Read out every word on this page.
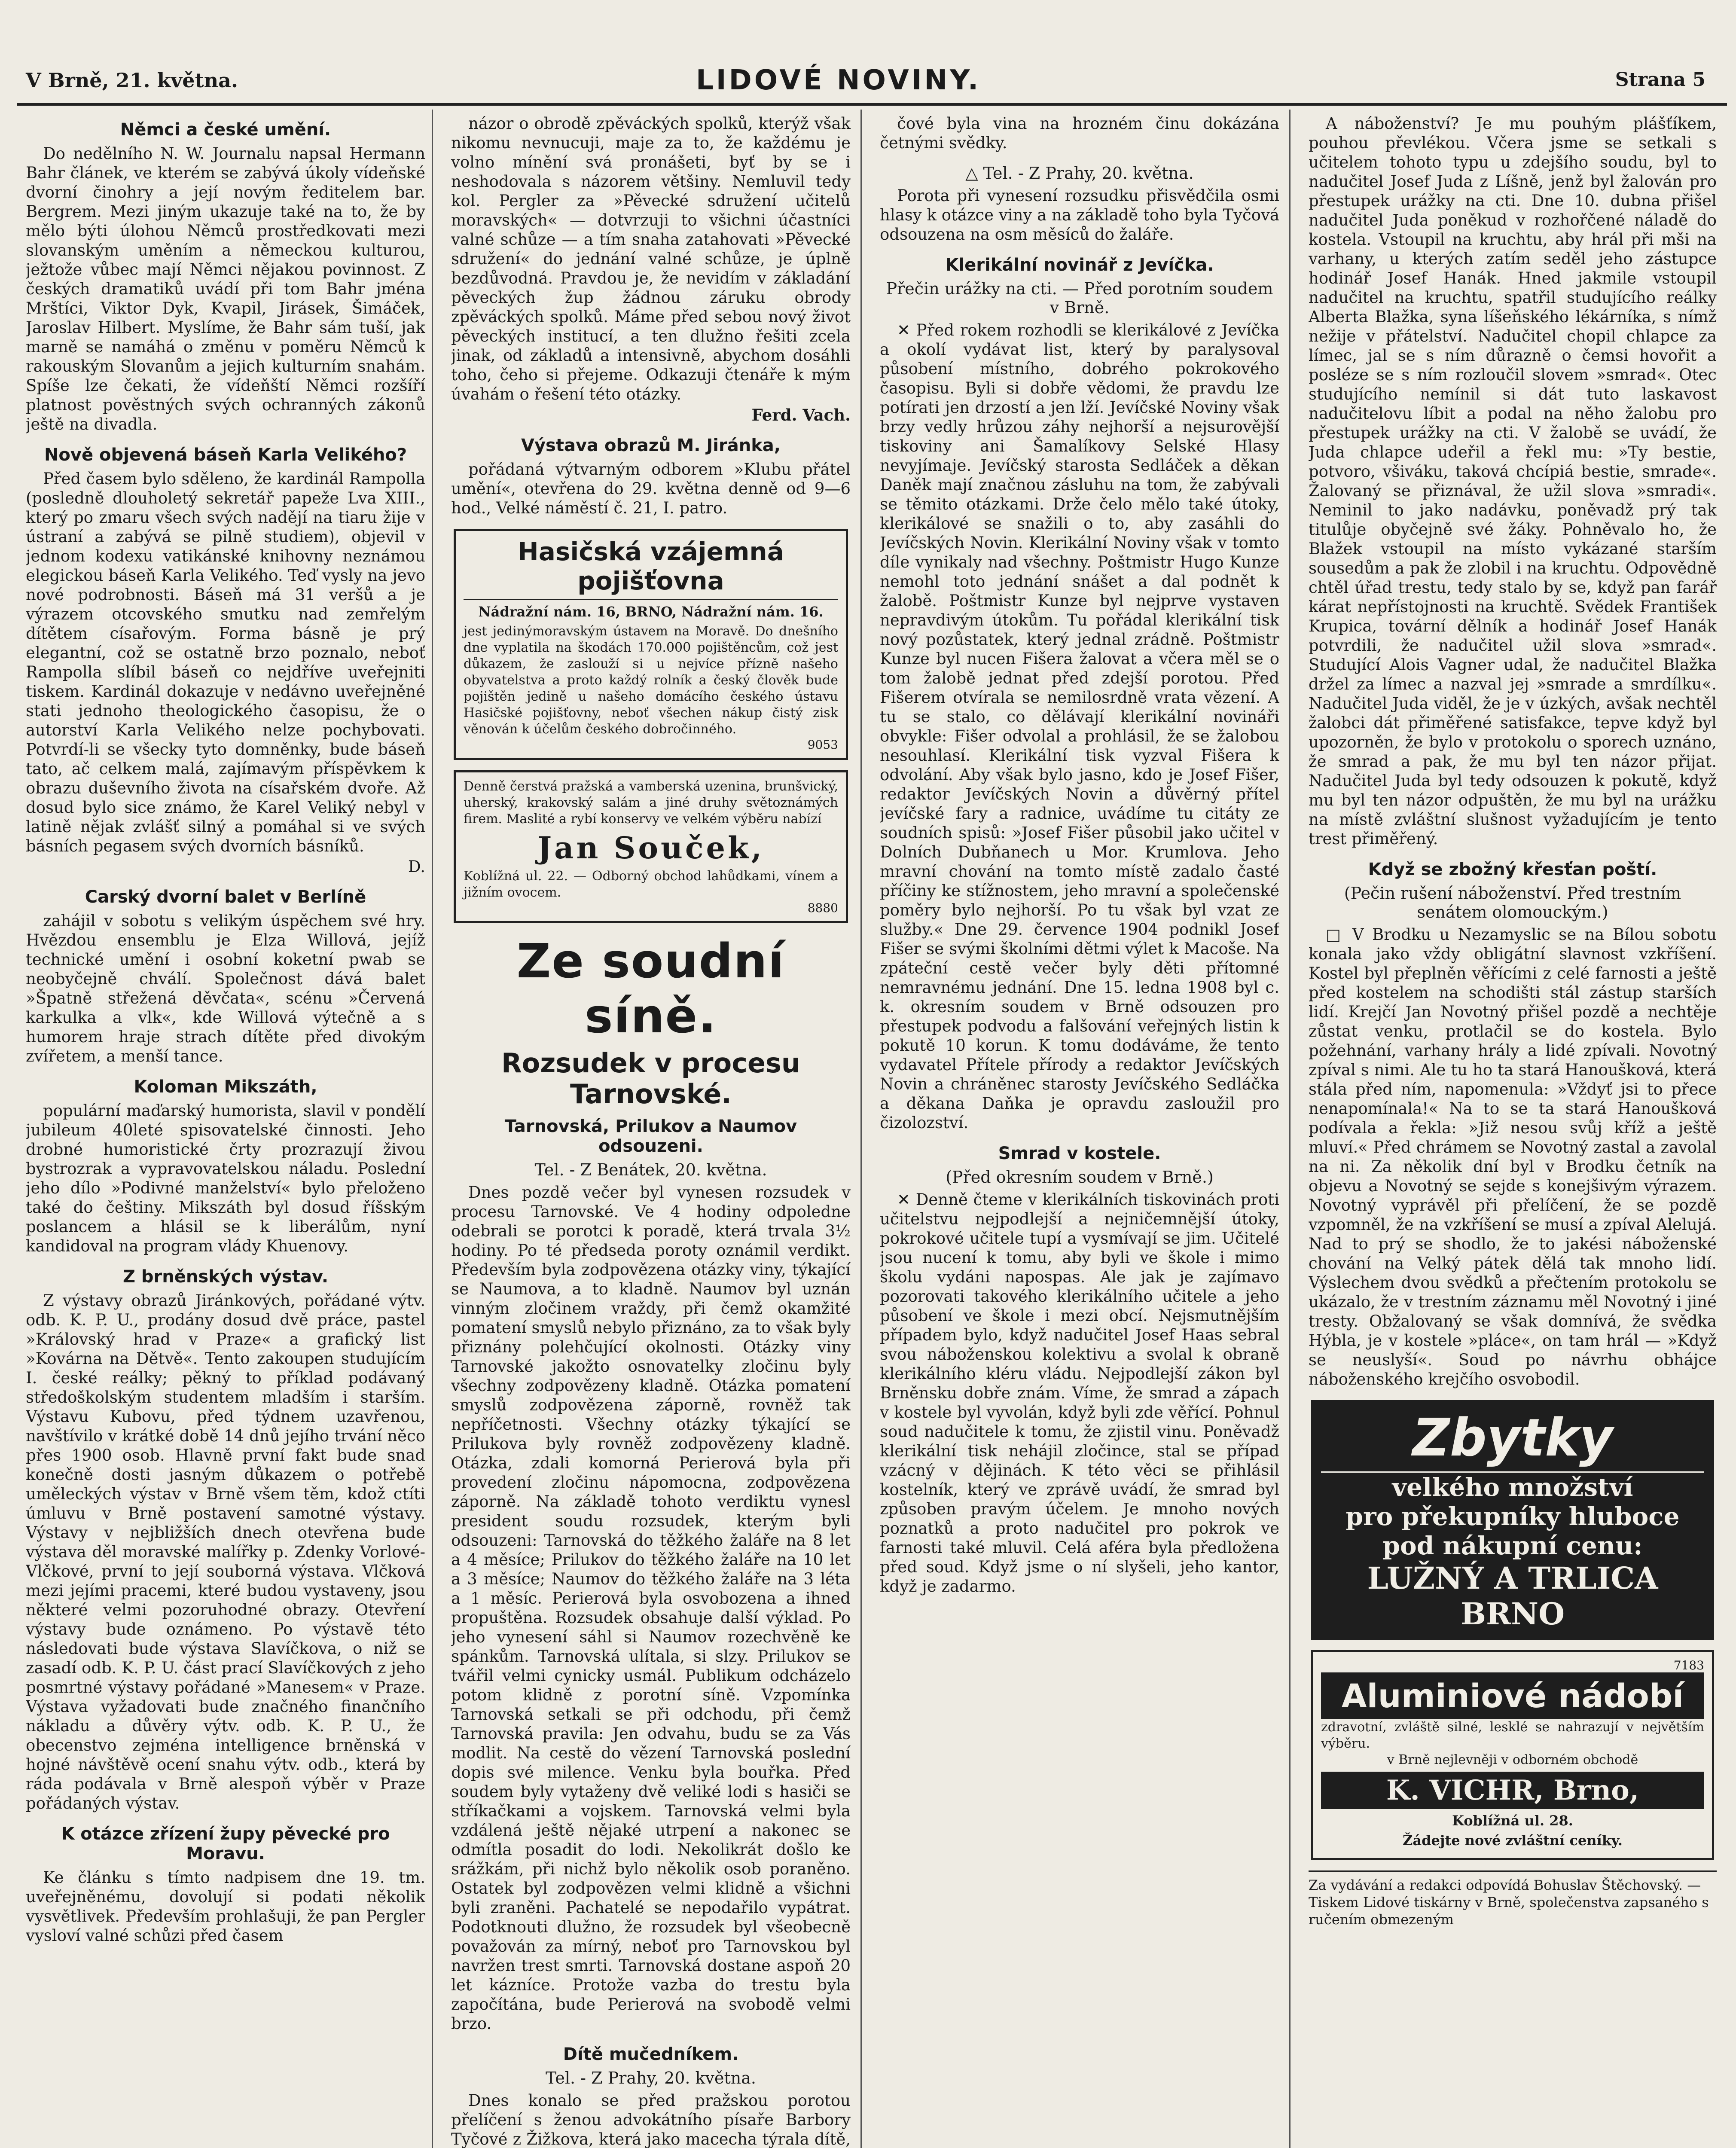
V Brně, 21. května.	LIDOVÉ NOVINY.	Strana 5
Němci a české umění.

Do nedělního N. W. Journalu napsal Hermann Bahr článek, ve kterém se zabývá úkoly vídeňské dvorní činohry a její novým ředitelem bar. Bergrem. Mezi jiným ukazuje také na to, že by mělo býti úlohou Němců prostředkovati mezi slovanským uměním a německou kulturou, ježtože vůbec mají Němci nějakou povinnost. Z českých dramatiků uvádí při tom Bahr jména Mrštíci, Viktor Dyk, Kvapil, Jirásek, Šimáček, Jaroslav Hilbert. Myslíme, že Bahr sám tuší, jak marně se namáhá o změnu v poměru Němců k rakouským Slovanům a jejich kulturním snahám. Spíše lze čekati, že vídeňští Němci rozšíří platnost pověstných svých ochranných zákonů ještě na divadla.

Nově objevená báseň Karla Velikého?

Před časem bylo sděleno, že kardinál Rampolla (posledně dlouholetý sekretář papeže Lva XIII., který po zmaru všech svých nadějí na tiaru žije v ústraní a zabývá se pilně studiem), objevil v jednom kodexu vatikánské knihovny neznámou elegickou báseň Karla Velikého. Teď vysly na jevo nové podrobnosti. Báseň má 31 veršů a je výrazem otcovského smutku nad zemřelým dítětem císařovým. Forma básně je prý elegantní, což se ostatně brzo poznalo, neboť Rampolla slíbil báseň co nejdříve uveřejniti tiskem. Kardinál dokazuje v nedávno uveřejněné stati jednoho theologického časopisu, že o autorství Karla Velikého nelze pochybovati. Potvrdí-li se všecky tyto domněnky, bude báseň tato, ač celkem malá, zajímavým příspěvkem k obrazu duševního života na císařském dvoře. Až dosud bylo sice známo, že Karel Veliký nebyl v latině nějak zvlášť silný a pomáhal si ve svých básních pegasem svých dvorních básníků.

D.
Carský dvorní balet v Berlíně

zahájil v sobotu s velikým úspěchem své hry. Hvězdou ensemblu je Elza Willová, jejíž technické umění i osobní koketní pwab se neobyčejně chválí. Společnost dává balet »Špatně střežená děvčata«, scénu »Červená karkulka a vlk«, kde Willová výtečně a s humorem hraje strach dítěte před divokým zvířetem, a menší tance.

Koloman Mikszáth,

populární maďarský humorista, slavil v pondělí jubileum 40leté spisovatelské činnosti. Jeho drobné humoristické črty prozrazují živou bystrozrak a vypravovatelskou náladu. Poslední jeho dílo »Podivné manželství« bylo přeloženo také do češtiny. Mikszáth byl dosud říšským poslancem a hlásil se k liberálům, nyní kandidoval na program vlády Khuenovy.

Z brněnských výstav.

Z výstavy obrazů Jiránkových, pořádané výtv. odb. K. P. U., prodány dosud dvě práce, pastel »Královský hrad v Praze« a grafický list »Kovárna na Dětvě«. Tento zakoupen studujícím I. české reálky; pěkný to příklad podávaný středoškolským studentem mladším i starším. Výstavu Kubovu, před týdnem uzavřenou, navštívilo v krátké době 14 dnů jejího trvání něco přes 1900 osob. Hlavně první fakt bude snad konečně dosti jasným důkazem o potřebě uměleckých výstav v Brně všem těm, kdož ctíti úmluvu v Brně postavení samotné výstavy. Výstavy v nejbližších dnech otevřena bude výstava děl moravské malířky p. Zdenky Vorlové-Vlčkové, první to její souborná výstava. Vlčková mezi jejími pracemi, které budou vystaveny, jsou některé velmi pozoruhodné obrazy. Otevření výstavy bude oznámeno. Po výstavě této následovati bude výstava Slavíčkova, o niž se zasadí odb. K. P. U. část prací Slavíčkových z jeho posmrtné výstavy pořádané »Manesem« v Praze. Výstava vyžadovati bude značného finančního nákladu a důvěry výtv. odb. K. P. U., že obecenstvo zejména intelligence brněnská v hojné návštěvě ocení snahu výtv. odb., která by ráda podávala v Brně alespoň výběr v Praze pořádaných výstav.

K otázce zřízení župy pěvecké pro Moravu.

Ke článku s tímto nadpisem dne 19. tm. uveřejněnému, dovolují si podati několik vysvětlivek. Především prohlašuji, že pan Pergler vysloví valné schůzi před časem

názor o obrodě zpěváckých spolků, kterýž však nikomu nevnucuji, maje za to, že každému je volno mínění svá pronášeti, byť by se i neshodovala s názorem většiny. Nemluvil tedy kol. Pergler za »Pěvecké sdružení učitelů moravských« — dotvrzuji to všichni účastníci valné schůze — a tím snaha zatahovati »Pěvecké sdružení« do jednání valné schůze, je úplně bezdůvodná. Pravdou je, že nevidím v základání pěveckých žup žádnou záruku obrody zpěváckých spolků. Máme před sebou nový život pěveckých institucí, a ten dlužno řešiti zcela jinak, od základů a intensivně, abychom dosáhli toho, čeho si přejeme. Odkazuji čtenáře k mým úvahám o řešení této otázky.

Ferd. Vach.
Výstava obrazů M. Jiránka,

pořádaná výtvarným odborem »Klubu přátel umění«, otevřena do 29. května denně od 9—6 hod., Velké náměstí č. 21, I. patro.

Hasičská vzájemná pojišťovna
Nádražní nám. 16, BRNO, Nádražní nám. 16.
jest jedinýmoravským ústavem na Moravě. Do dnešního dne vyplatila na škodách 170.000 pojištěncům, což jest důkazem, že zaslouží si u nejvíce přízně našeho obyvatelstva a proto každý rolník a český člověk bude pojištěn jedině u našeho domácího českého ústavu Hasičské pojišťovny, neboť všechen nákup čistý zisk věnován k účelům českého dobročinného.
9053
Denně čerstvá pražská a vamberská uzenina, brunšvický, uherský, krakovský salám a jiné druhy světoznámých firem. Maslité a rybí konservy ve velkém výběru nabízí
Jan Souček,
Koblížná ul. 22. — Odborný obchod lahůdkami, vínem a jižním ovocem.
8880
Ze soudní síně.
Rozsudek v procesu Tarnovské.
Tarnovská, Prilukov a Naumov odsouzeni.
Tel. - Z Benátek, 20. května.

Dnes pozdě večer byl vynesen rozsudek v procesu Tarnovské. Ve 4 hodiny odpoledne odebrali se porotci k poradě, která trvala 3½ hodiny. Po té předseda poroty oznámil verdikt. Především byla zodpovězena otázky viny, týkající se Naumova, a to kladně. Naumov byl uznán vinným zločinem vraždy, při čemž okamžité pomatení smyslů nebylo přiznáno, za to však byly přiznány polehčující okolnosti. Otázky viny Tarnovské jakožto osnovatelky zločinu byly všechny zodpovězeny kladně. Otázka pomatení smyslů zodpovězena záporně, rovněž tak nepříčetnosti. Všechny otázky týkající se Prilukova byly rovněž zodpovězeny kladně. Otázka, zdali komorná Perierová byla při provedení zločinu nápomocna, zodpovězena záporně. Na základě tohoto verdiktu vynesl president soudu rozsudek, kterým byli odsouzeni: Tarnovská do těžkého žaláře na 8 let a 4 měsíce; Prilukov do těžkého žaláře na 10 let a 3 měsíce; Naumov do těžkého žaláře na 3 léta a 1 měsíc. Perierová byla osvobozena a ihned propuštěna. Rozsudek obsahuje další výklad. Po jeho vynesení sáhl si Naumov rozechvěně ke spánkům. Tarnovská ulítala, si slzy. Prilukov se tvářil velmi cynicky usmál. Publikum odcházelo potom klidně z porotní síně. Vzpomínka Tarnovská setkali se při odchodu, při čemž Tarnovská pravila: Jen odvahu, budu se za Vás modlit. Na cestě do vězení Tarnovská poslední dopis své milence. Venku byla bouřka. Před soudem byly vytaženy dvě veliké lodi s hasiči se stříkačkami a vojskem. Tarnovská velmi byla vzdálená ještě nějaké utrpení a nakonec se odmítla posadit do lodi. Nekolikrát došlo ke srážkám, při nichž bylo několik osob poraněno. Ostatek byl zodpovězen velmi klidně a všichni byli zraněni. Pachatelé se nepodařilo vypátrat. Podotknouti dlužno, že rozsudek byl všeobecně považován za mírný, neboť pro Tarnovskou byl navržen trest smrti. Tarnovská dostane aspoň 20 let kázníce. Protože vazba do trestu byla započítána, bude Perierová na svobodě velmi brzo.

Dítě mučedníkem.
Tel. - Z Prahy, 20. května.

Dnes konalo se před pražskou porotou přelíčení s ženou advokátního písaře Barbory Tyčové z Žižkova, která jako macecha týrala dítě,

čové byla vina na hrozném činu dokázána četnými svědky.

△ Tel. - Z Prahy, 20. května.

Porota při vynesení rozsudku přisvědčila osmi hlasy k otázce viny a na základě toho byla Tyčová odsouzena na osm měsíců do žaláře.

Klerikální novinář z Jevíčka.
Přečin urážky na cti. — Před porotním soudem v Brně.

✕ Před rokem rozhodli se klerikálové z Jevíčka a okolí vydávat list, který by paralysoval působení místního, dobrého pokrokového časopisu. Byli si dobře vědomi, že pravdu lze potírati jen drzostí a jen lží. Jevíčské Noviny však brzy vedly hrůzou záhy nejhorší a nejsurovější tiskoviny ani Šamalíkovy Selské Hlasy nevyjímaje. Jevíčský starosta Sedláček a děkan Daněk mají značnou zásluhu na tom, že zabývali se těmito otázkami. Drže čelo mělo také útoky, klerikálové se snažili o to, aby zasáhli do Jevíčských Novin. Klerikální Noviny však v tomto díle vynikaly nad všechny. Poštmistr Hugo Kunze nemohl toto jednání snášet a dal podnět k žalobě. Poštmistr Kunze byl nejprve vystaven nepravdivým útokům. Tu pořádal klerikální tisk nový pozůstatek, který jednal zrádně. Poštmistr Kunze byl nucen Fišera žalovat a včera měl se o tom žalobě jednat před zdejší porotou. Před Fišerem otvírala se nemilosrdně vrata vězení. A tu se stalo, co dělávají klerikální novináři obvykle: Fišer odvolal a prohlásil, že se žalobou nesouhlasí. Klerikální tisk vyzval Fišera k odvolání. Aby však bylo jasno, kdo je Josef Fišer, redaktor Jevíčských Novin a důvěrný přítel jevíčské fary a radnice, uvádíme tu citáty ze soudních spisů: »Josef Fišer působil jako učitel v Dolních Dubňanech u Mor. Krumlova. Jeho mravní chování na tomto místě zadalo časté příčiny ke stížnostem, jeho mravní a společenské poměry bylo nejhorší. Po tu však byl vzat ze služby.« Dne 29. července 1904 podnikl Josef Fišer se svými školními dětmi výlet k Macoše. Na zpáteční cestě večer byly děti přítomné nemravnému jednání. Dne 15. ledna 1908 byl c. k. okresním soudem v Brně odsouzen pro přestupek podvodu a falšování veřejných listin k pokutě 10 korun. K tomu dodáváme, že tento vydavatel Přítele přírody a redaktor Jevíčských Novin a chráněnec starosty Jevíčského Sedláčka a děkana Daňka je opravdu zasloužil pro čizolozství.

Smrad v kostele.
(Před okresním soudem v Brně.)

✕ Denně čteme v klerikálních tiskovinách proti učitelstvu nejpodlejší a nejničemnější útoky, pokrokové učitele tupí a vysmívají se jim. Učitelé jsou nucení k tomu, aby byli ve škole i mimo školu vydáni napospas. Ale jak je zajímavo pozorovati takového klerikálního učitele a jeho působení ve škole i mezi obcí. Nejsmutnějším případem bylo, když nadučitel Josef Haas sebral svou náboženskou kolektivu a svolal k obraně klerikálního kléru vládu. Nejpodlejší zákon byl Brněnsku dobře znám. Víme, že smrad a zápach v kostele byl vyvolán, když byli zde věřící. Pohnul soud nadučitele k tomu, že zjistil vinu. Poněvadž klerikální tisk nehájil zločince, stal se případ vzácný v dějinách. K této věci se přihlásil kostelník, který ve zprávě uvádí, že smrad byl způsoben pravým účelem. Je mnoho nových poznatků a proto nadučitel pro pokrok ve farnosti také mluvil. Celá aféra byla předložena před soud. Když jsme o ní slyšeli, jeho kantor, když je zadarmo.

A náboženství? Je mu pouhým plášťíkem, pouhou převlékou. Včera jsme se setkali s učitelem tohoto typu u zdejšího soudu, byl to nadučitel Josef Juda z Líšně, jenž byl žalován pro přestupek urážky na cti. Dne 10. dubna přišel nadučitel Juda poněkud v rozhořčené náladě do kostela. Vstoupil na kruchtu, aby hrál při mši na varhany, u kterých zatím seděl jeho zástupce hodinář Josef Hanák. Hned jakmile vstoupil nadučitel na kruchtu, spatřil studujícího reálky Alberta Blažka, syna líšeňského lékárníka, s nímž nežije v přátelství. Nadučitel chopil chlapce za límec, jal se s ním důrazně o čemsi hovořit a posléze se s ním rozloučil slovem »smrad«. Otec studujícího nemínil si dát tuto laskavost nadučitelovu líbit a podal na něho žalobu pro přestupek urážky na cti. V žalobě se uvádí, že Juda chlapce udeřil a řekl mu: »Ty bestie, potvoro, všiváku, taková chcípiá bestie, smrade«. Žalovaný se přiznával, že užil slova »smradi«. Neminil to jako nadávku, poněvadž prý tak titulůje obyčejně své žáky. Pohněvalo ho, že Blažek vstoupil na místo vykázané starším sousedům a pak že zlobil i na kruchtu. Odpovědně chtěl úřad trestu, tedy stalo by se, když pan farář kárat nepřístojnosti na kruchtě. Svědek František Krupica, tovární dělník a hodinář Josef Hanák potvrdili, že nadučitel užil slova »smrad«. Studující Alois Vagner udal, že nadučitel Blažka držel za límec a nazval jej »smrade a smrdílku«. Nadučitel Juda viděl, že je v úzkých, avšak nechtěl žalobci dát přiměřené satisfakce, tepve když byl upozorněn, že bylo v protokolu o sporech uznáno, že smrad a pak, že mu byl ten názor přijat. Nadučitel Juda byl tedy odsouzen k pokutě, když mu byl ten názor odpuštěn, že mu byl na urážku na místě zvláštní slušnost vyžadujícím je tento trest přiměřený.

Když se zbožný křesťan poští.
(Pečin rušení náboženství. Před trestním senátem olomouckým.)

□ V Brodku u Nezamyslic se na Bílou sobotu konala jako vždy obligátní slavnost vzkříšení. Kostel byl přeplněn věřícími z celé farnosti a ještě před kostelem na schodišti stál zástup starších lidí. Krejčí Jan Novotný přišel pozdě a nechtěje zůstat venku, protlačil se do kostela. Bylo požehnání, varhany hrály a lidé zpívali. Novotný zpíval s nimi. Ale tu ho ta stará Hanoušková, která stála před ním, napomenula: »Vždyť jsi to přece nenapomínala!« Na to se ta stará Hanoušková podívala a řekla: »Již nesou svůj kříž a ještě mluví.« Před chrámem se Novotný zastal a zavolal na ni. Za několik dní byl v Brodku četník na objevu a Novotný se sejde s konejšivým výrazem. Novotný vyprávěl při přelíčení, že se pozdě vzpomněl, že na vzkříšení se musí a zpíval Alelujá. Nad to prý se shodlo, že to jakési náboženské chování na Velký pátek dělá tak mnoho lidí. Výslechem dvou svědků a přečtením protokolu se ukázalo, že v trestním záznamu měl Novotný i jiné tresty. Obžalovaný se však domnívá, že svědka Hýbla, je v kostele »pláce«, on tam hrál — »Když se neuslyší«. Soud po návrhu obhájce náboženského krejčího osvobodil.

Zbytky
velkého množství
pro překupníky hluboce pod nákupní cenu:
LUŽNÝ A TRLICA BRNO
7183
Aluminiové nádobí
zdravotní, zvláště silné, lesklé se nahrazují v největším výběru.
v Brně nejlevněji v odborném obchodě
K. VICHR, Brno,
Koblížná ul. 28.
Žádejte nové zvláštní ceníky.
Za vydávání a redakci odpovídá Bohuslav Štěchovský. — Tiskem Lidové tiskárny v Brně, společenstva zapsaného s ručením obmezeným
